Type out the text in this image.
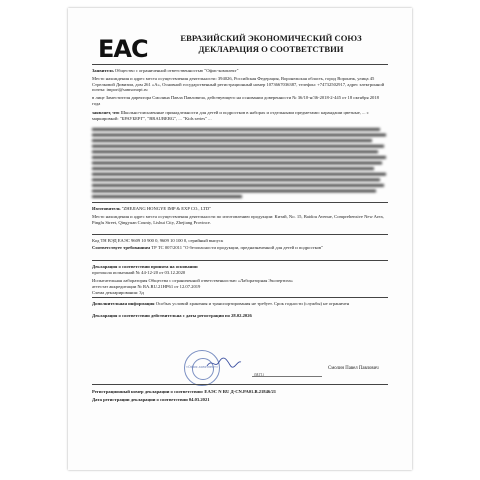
EAC	ЕВРАЗИЙСКИЙ ЭКОНОМИЧЕСКИЙ СОЮЗ
ДЕКЛАРАЦИЯ О СООТВЕТСТВИИ
Заявитель Общество с ограниченной ответственностью "Офис-комплект"
Место нахождения и адрес места осуществления деятельности: 394026, Российская Федерация, Воронежская область, город Воронеж, улица 45 Стрелковой Дивизии, дом 261 «А», Основной государственный регистрационный номер 1073667036387, телефон: +74732502917, адрес электронной почты: import@samsonopt.ru
в лице Заместителя директора Смолина Павла Павловича, действующего на основании доверенности № 36/10-н/36-2018-2-445 от 18 октября 2018 года
заявляет, что Школьно-письменные принадлежности для детей и подростков в наборах и отдельными предметами: карандаши цветные, ... с маркировкой: "БРАУБЕРГ", "BRAUBERG", ... "Kids series" ...
Изготовитель "ZHEJIANG HONGYE IMP & EXP CO., LTD"
Место нахождения и адрес места осуществления деятельности по изготовлению продукции: Китай, No. 15, Baidou Avenue, Comprehensive New Area, Pingfu Street, Qingyuan County, Lishui City, Zhejiang Province.
Код ТН ВЭД ЕАЭС 9609 10 900 0, 9609 10 100 0, серийный выпуск
Соответствует требованиям ТР ТС 007/2011 "О безопасности продукции, предназначенной для детей и подростков"
Декларация о соответствии принята на основании
протокола испытаний № 44-12-20 от 03.12.2020
Испытательная лаборатория Общества с ограниченной ответственностью «Лабораторная Экспертиза»
аттестат аккредитации № RA.RU.21НР61 от 12.07.2019
Схема декларирования: 3д
Дополнительная информация Особых условий хранения и транспортирования не требует. Срок годности (службы) не ограничен
Декларация о соответствии действительна с даты регистрации по 28.02.2026
«Офис-комплект»
(М.П.)
Смолин Павел Павлович
Регистрационный номер декларации о соответствии: ЕАЭС N RU Д-CN.PA01.B.21846/21
Дата регистрации декларации о соответствии 04.03.2021
